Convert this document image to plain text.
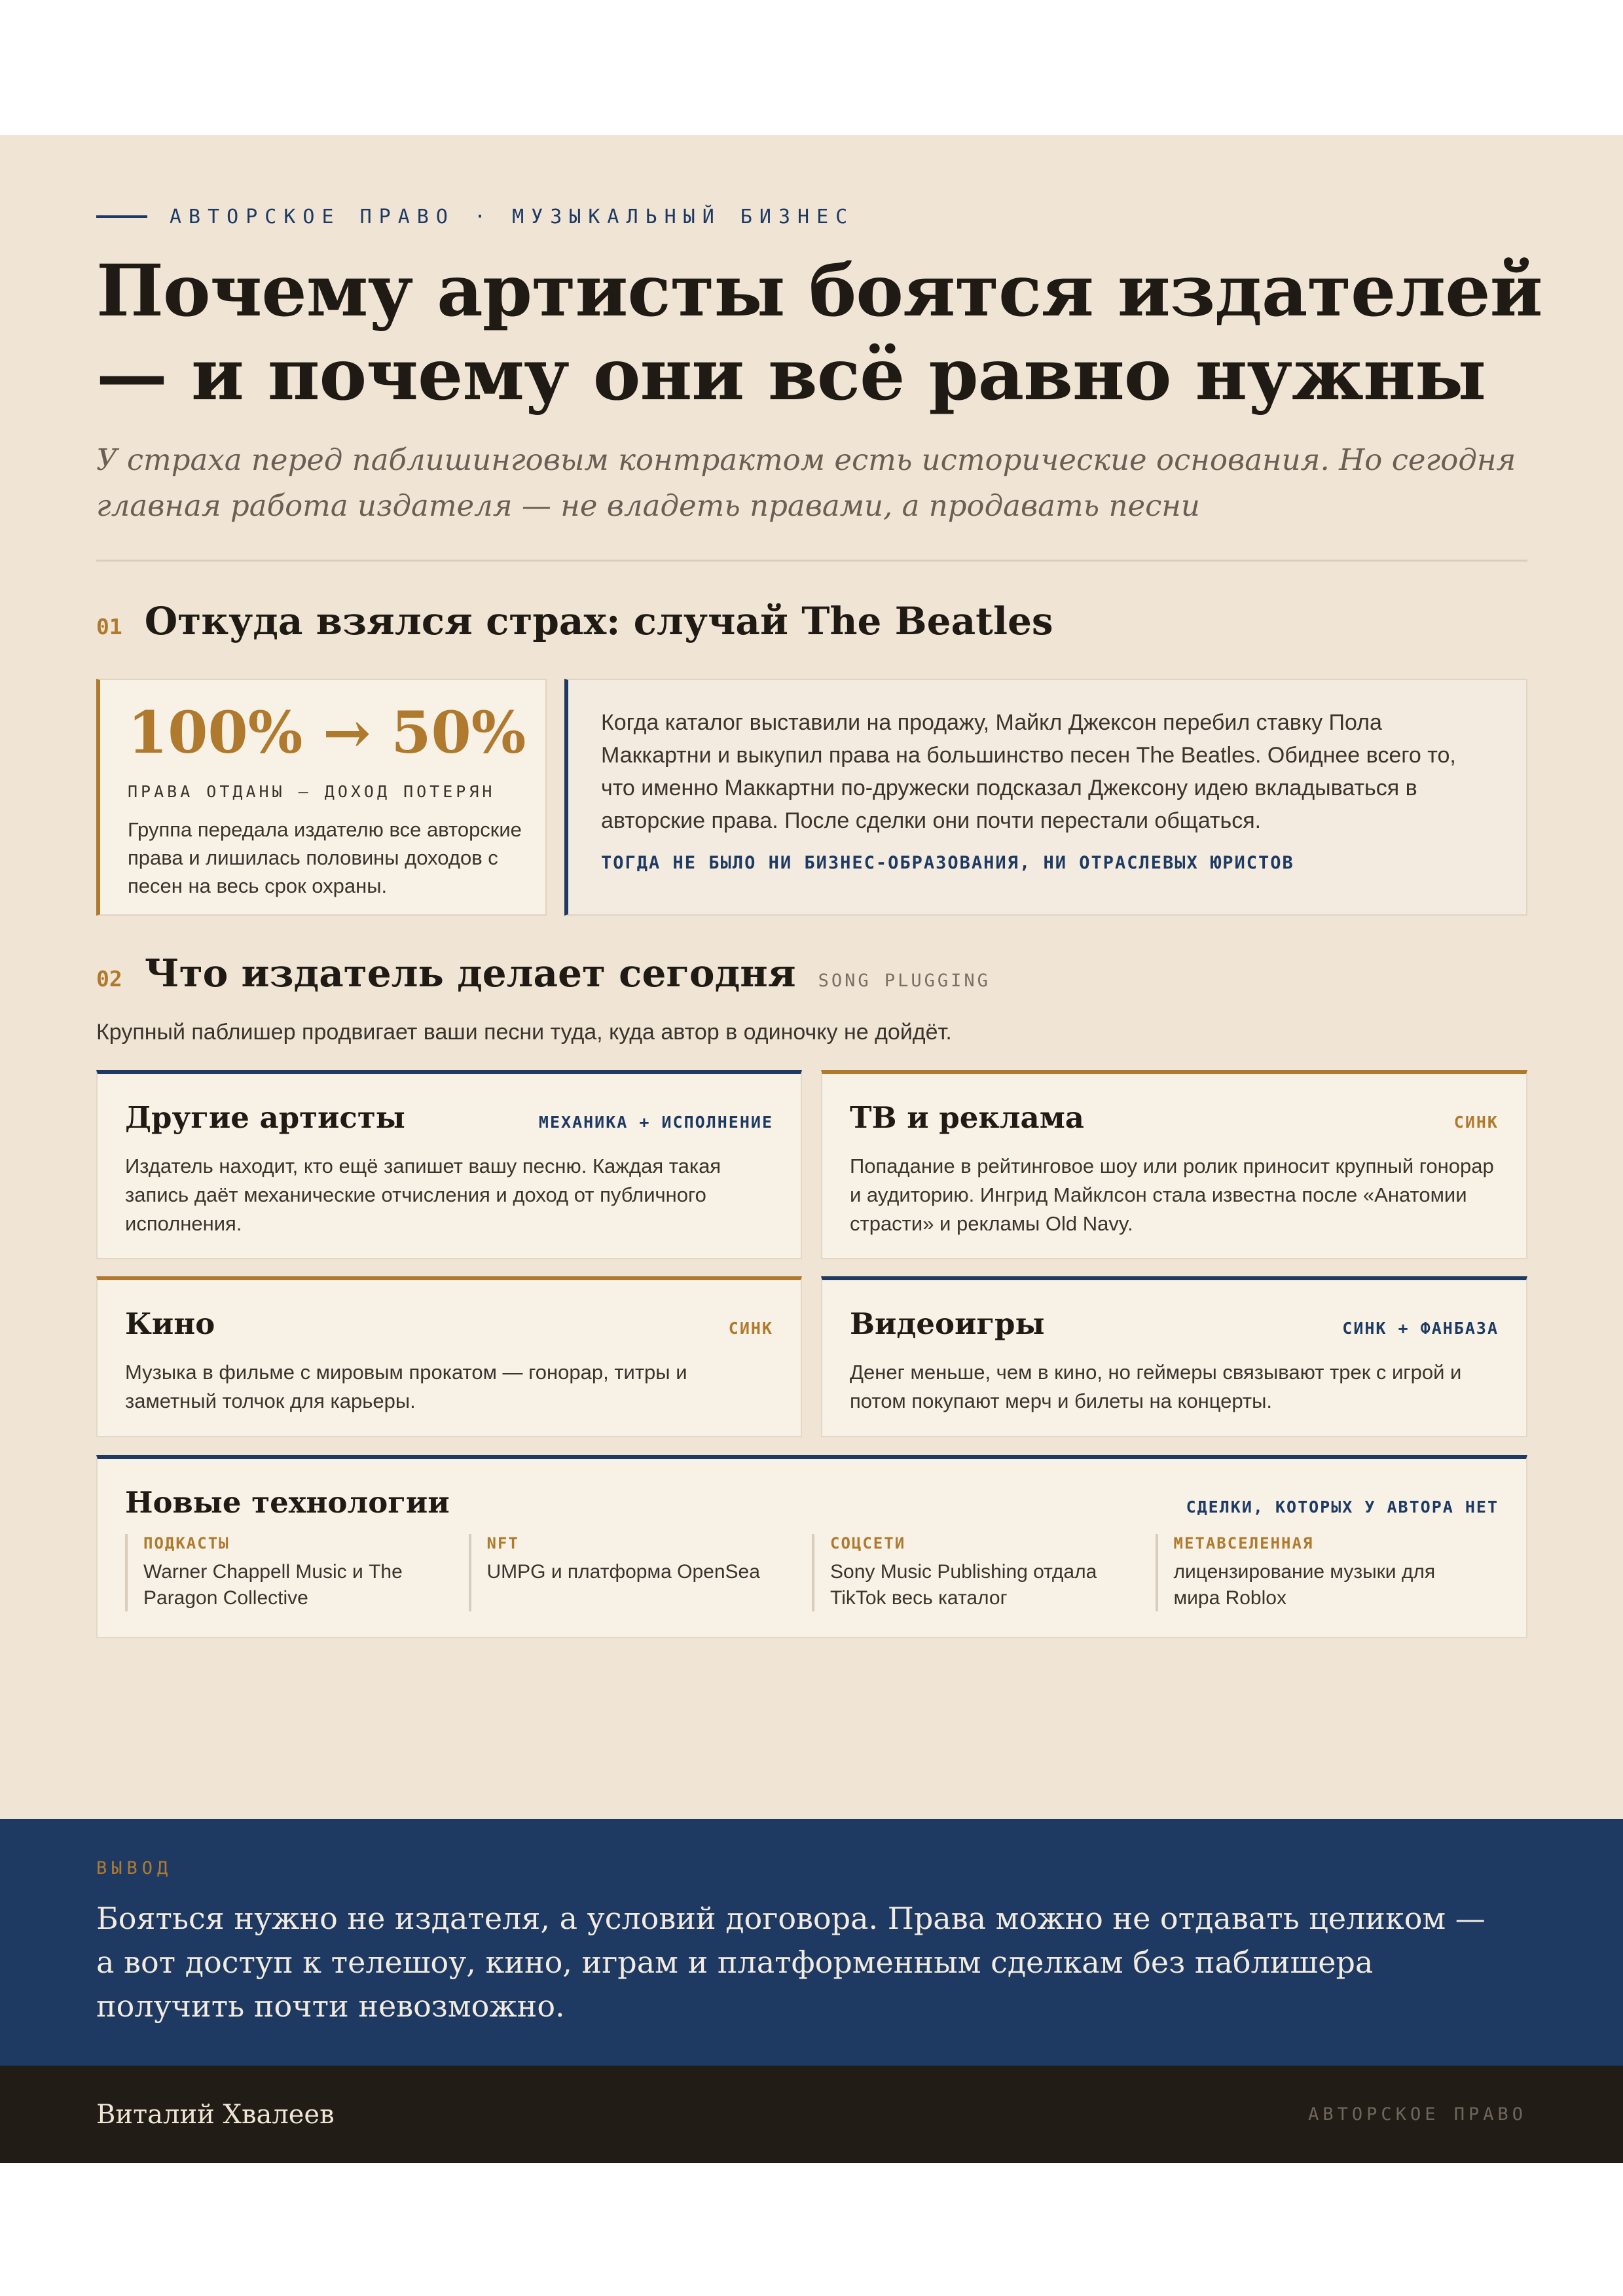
АВТОРСКОЕ ПРАВО · МУЗЫКАЛЬНЫЙ БИЗНЕС
Почему артисты боятся издателей
— и почему они всё равно нужны

У страха перед паблишинговым контрактом есть исторические основания. Но сегодня главная работа издателя — не владеть правами, а продавать песни

01 Откуда взялся страх: случай The Beatles
100% → 50%
ПРАВА ОТДАНЫ — ДОХОД ПОТЕРЯН
Группа передала издателю все авторские права и лишилась половины доходов с песен на весь срок охраны.

Когда каталог выставили на продажу, Майкл Джексон перебил ставку Пола Маккартни и выкупил права на большинство песен The Beatles. Обиднее всего то, что именно Маккартни по-дружески подсказал Джексону идею вкладываться в авторские права. После сделки они почти перестали общаться.

ТОГДА НЕ БЫЛО НИ БИЗНЕС-ОБРАЗОВАНИЯ, НИ ОТРАСЛЕВЫХ ЮРИСТОВ

02 Что издатель делает сегодня SONG PLUGGING

Крупный паблишер продвигает ваши песни туда, куда автор в одиночку не дойдёт.

Другие артисты	МЕХАНИКА + ИСПОЛНЕНИЕ

Издатель находит, кто ещё запишет вашу песню. Каждая такая запись даёт механические отчисления и доход от публичного исполнения.

ТВ и реклама	СИНК

Попадание в рейтинговое шоу или ролик приносит крупный гонорар и аудиторию. Ингрид Майклсон стала известна после «Анатомии страсти» и рекламы Old Navy.

Кино	СИНК

Музыка в фильме с мировым прокатом — гонорар, титры и заметный толчок для карьеры.

Видеоигры	СИНК + ФАНБАЗА

Денег меньше, чем в кино, но геймеры связывают трек с игрой и потом покупают мерч и билеты на концерты.

Новые технологии	СДЕЛКИ, КОТОРЫХ У АВТОРА НЕТ
ПОДКАСТЫ
Warner Chappell Music и The Paragon Collective
NFT
UMPG и платформа OpenSea
СОЦСЕТИ
Sony Music Publishing отдала TikTok весь каталог
МЕТАВСЕЛЕННАЯ
лицензирование музыки для мира Roblox
ВЫВОД

Бояться нужно не издателя, а условий договора. Права можно не отдавать целиком — а вот доступ к телешоу, кино, играм и платформенным сделкам без паблишера получить почти невозможно.

Виталий Хвалеев	АВТОРСКОЕ ПРАВО
